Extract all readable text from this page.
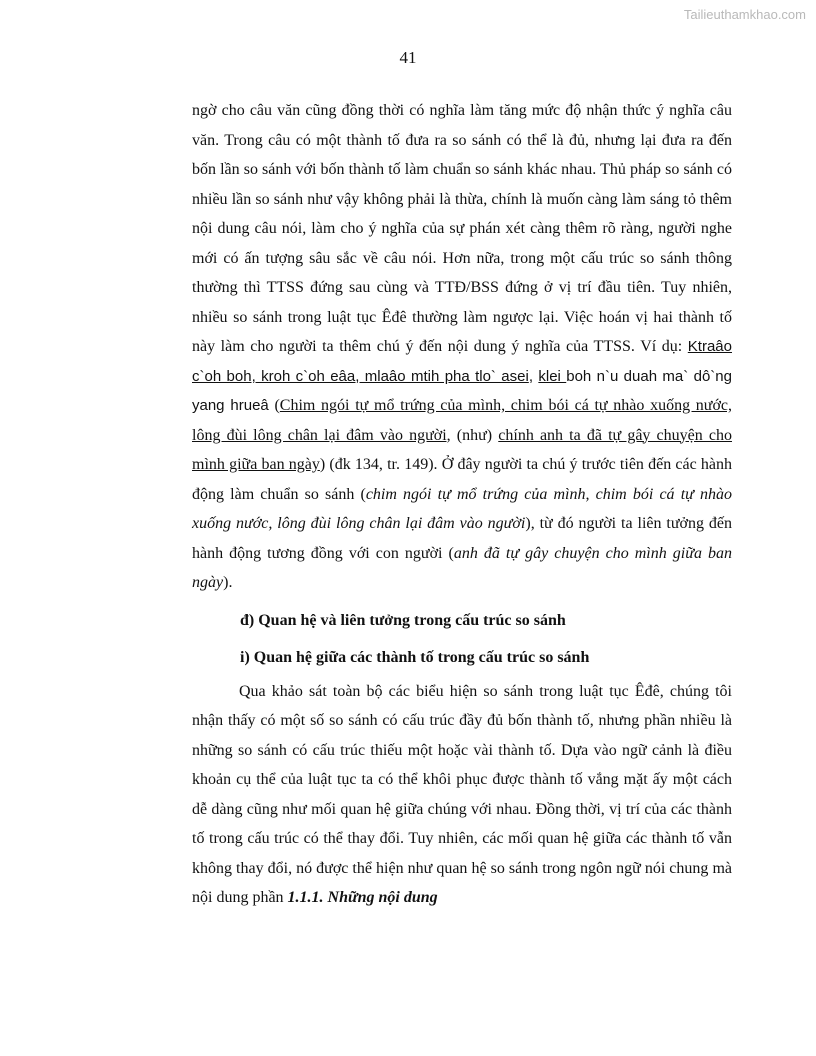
Tailieuthamkhao.com
41

ngờ cho câu văn cũng đồng thời có nghĩa làm tăng mức độ nhận thức ý nghĩa câu văn. Trong câu có một thành tố đưa ra so sánh có thể là đủ, nhưng lại đưa ra đến bốn lần so sánh với bốn thành tố làm chuẩn so sánh khác nhau. Thủ pháp so sánh có nhiều lần so sánh như vậy không phải là thừa, chính là muốn càng làm sáng tỏ thêm nội dung câu nói, làm cho ý nghĩa của sự phán xét càng thêm rõ ràng, người nghe mới có ấn tượng sâu sắc về câu nói. Hơn nữa, trong một cấu trúc so sánh thông thường thì TTSS đứng sau cùng và TTĐ/BSS đứng ở vị trí đầu tiên. Tuy nhiên, nhiều so sánh trong luật tục Êđê thường làm ngược lại. Việc hoán vị hai thành tố này làm cho người ta thêm chú ý đến nội dung ý nghĩa của TTSS. Ví dụ: Ktraâo c`oh boh, kroh c`oh eâa, mlaâo mtih pha tlo` asei, klei boh n`u duah ma` dô`ng yang hrueâ (Chim ngói tự mổ trứng của mình, chim bói cá tự nhào xuống nước, lông đùi lông chân lại đâm vào người, (như) chính anh ta đã tự gây chuyện cho mình giữa ban ngày) (đk 134, tr. 149). Ở đây người ta chú ý trước tiên đến các hành động làm chuẩn so sánh (chim ngói tự mổ trứng của mình, chim bói cá tự nhào xuống nước, lông đùi lông chân lại đâm vào người), từ đó người ta liên tưởng đến hành động tương đồng với con người (anh đã tự gây chuyện cho mình giữa ban ngày).

đ) Quan hệ và liên tưởng trong cấu trúc so sánh

i) Quan hệ giữa các thành tố trong cấu trúc so sánh

Qua khảo sát toàn bộ các biểu hiện so sánh trong luật tục Êđê, chúng tôi nhận thấy có một số so sánh có cấu trúc đầy đủ bốn thành tố, nhưng phần nhiều là những so sánh có cấu trúc thiếu một hoặc vài thành tố. Dựa vào ngữ cảnh là điều khoản cụ thể của luật tục ta có thể khôi phục được thành tố vắng mặt ấy một cách dễ dàng cũng như mối quan hệ giữa chúng với nhau. Đồng thời, vị trí của các thành tố trong cấu trúc có thể thay đổi. Tuy nhiên, các mối quan hệ giữa các thành tố vẫn không thay đổi, nó được thể hiện như quan hệ so sánh trong ngôn ngữ nói chung mà nội dung phần 1.1.1. Những nội dung
